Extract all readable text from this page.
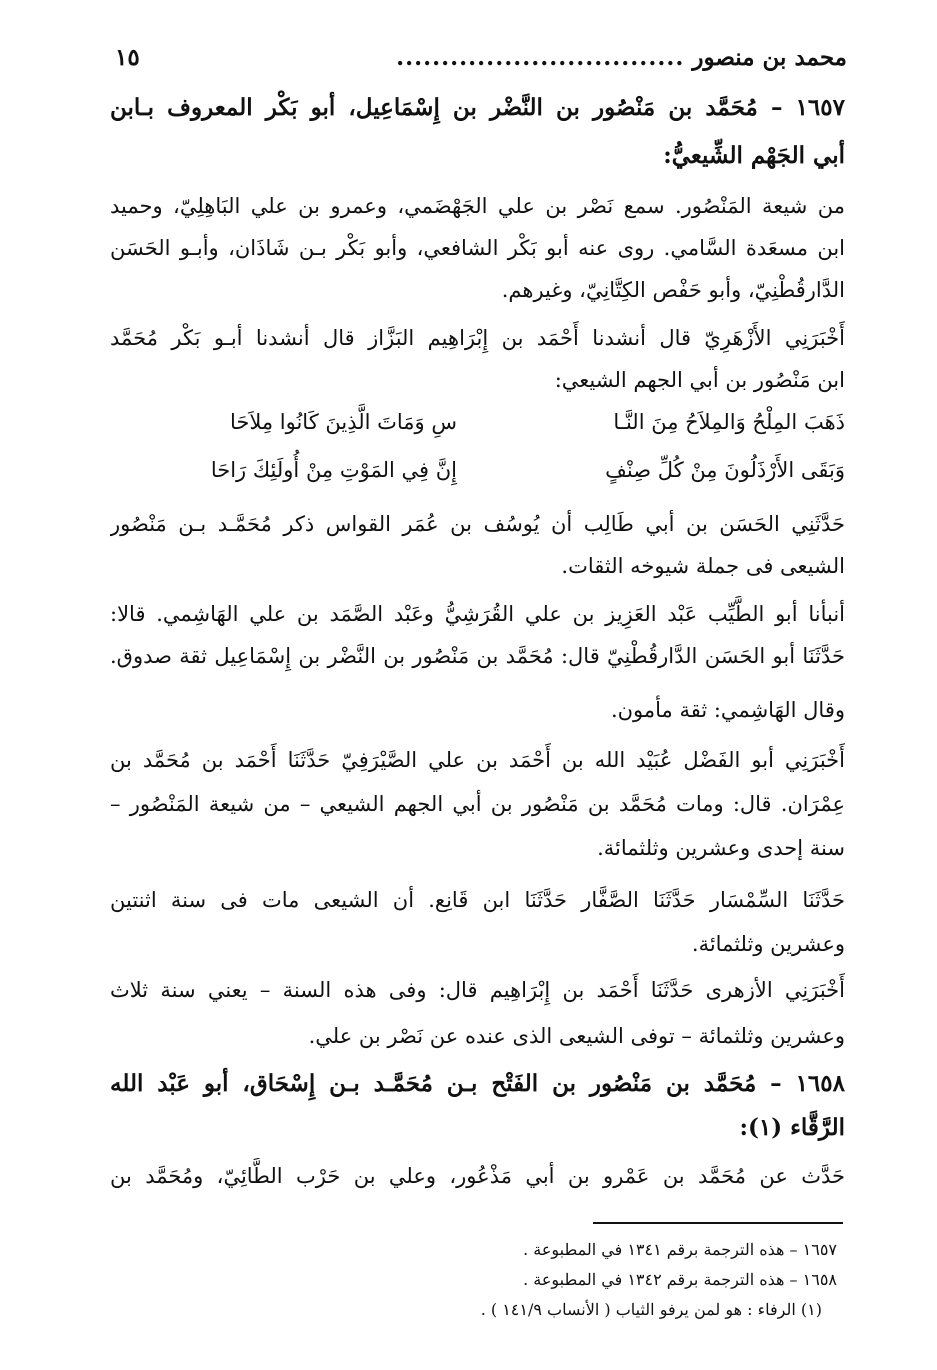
محمد بن منصور
................................
١٥
١٦٥٧ – مُحَمَّد بن مَنْصُور بن النَّضْر بن إِسْمَاعِيل، أبو بَكْر المعروف بـابن
أبي الجَهْم الشِّيعيُّ:
من شيعة المَنْصُور. سمع نَصْر بن علي الجَهْضَمي، وعمرو بن علي البَاهِلِيّ، وحميد
ابن مسعَدة السَّامي. روى عنه أبو بَكْر الشافعي، وأبو بَكْر بـن شَاذَان، وأبـو الحَسَن
الدَّارقُطْنِيّ، وأبو حَفْص الكِتَّانِيّ، وغيرهم.
أَخْبَرَنِي الأَزْهَرِيّ قال أنشدنا أَحْمَد بن إِبْرَاهِيم البَزَّاز قال أنشدنا أبـو بَكْر مُحَمَّد
ابن مَنْصُور بن أبي الجهم الشيعي:
ذَهَبَ المِلْحُ وَالمِلاَحُ مِنَ النَّـا
سِ وَمَاتَ الَّذِينَ كَانُوا مِلاَحَا
وَبَقَى الأَرْذَلُونَ مِنْ كُلِّ صِنْفٍ
إِنَّ فِي المَوْتِ مِنْ أُولَئِكَ رَاحَا
حَدَّثَنِي الحَسَن بن أبي طَالِب أن يُوسُف بن عُمَر القواس ذكر مُحَمَّـد بـن مَنْصُور
الشيعى فى جملة شيوخه الثقات.
أنبأنا أبو الطَّيِّب عَبْد العَزِيز بن علي القُرَشِيُّ وعَبْد الصَّمَد بن علي الهَاشِمي. قالا:
حَدَّثَنَا أبو الحَسَن الدَّارقُطْنِيّ قال: مُحَمَّد بن مَنْصُور بن النَّضْر بن إِسْمَاعِيل ثقة صدوق.
وقال الهَاشِمي: ثقة مأمون.
أَخْبَرَنِي أبو الفَضْل عُبَيْد الله بن أَحْمَد بن علي الصَّيْرَفِيّ حَدَّثَنَا أَحْمَد بن مُحَمَّد بن
عِمْرَان. قال: ومات مُحَمَّد بن مَنْصُور بن أبي الجهم الشيعي – من شيعة المَنْصُور –
سنة إحدى وعشرين وثلثمائة.
حَدَّثَنَا السِّمْسَار حَدَّثَنَا الصَّفَّار حَدَّثَنَا ابن قَانِع. أن الشيعى مات فى سنة اثنتين
وعشرين وثلثمائة.
أَخْبَرَنِي الأزهرى حَدَّثَنَا أَحْمَد بن إِبْرَاهِيم قال: وفى هذه السنة – يعني سنة ثلاث
وعشرين وثلثمائة – توفى الشيعى الذى عنده عن نَصْر بن علي.
١٦٥٨ – مُحَمَّد بن مَنْصُور بن الفَتْح بـن مُحَمَّـد بـن إِسْحَاق، أبو عَبْد الله
الرَّقَّاء (١):
حَدَّث عن مُحَمَّد بن عَمْرو بن أبي مَذْعُور، وعلي بن حَرْب الطَّائِيّ، ومُحَمَّد بن
١٦٥٧ – هذه الترجمة برقم ١٣٤١ في المطبوعة .
١٦٥٨ – هذه الترجمة برقم ١٣٤٢ في المطبوعة .
(١) الرفاء : هو لمن يرفو الثياب ( الأنساب ١٤١/٩ ) .
